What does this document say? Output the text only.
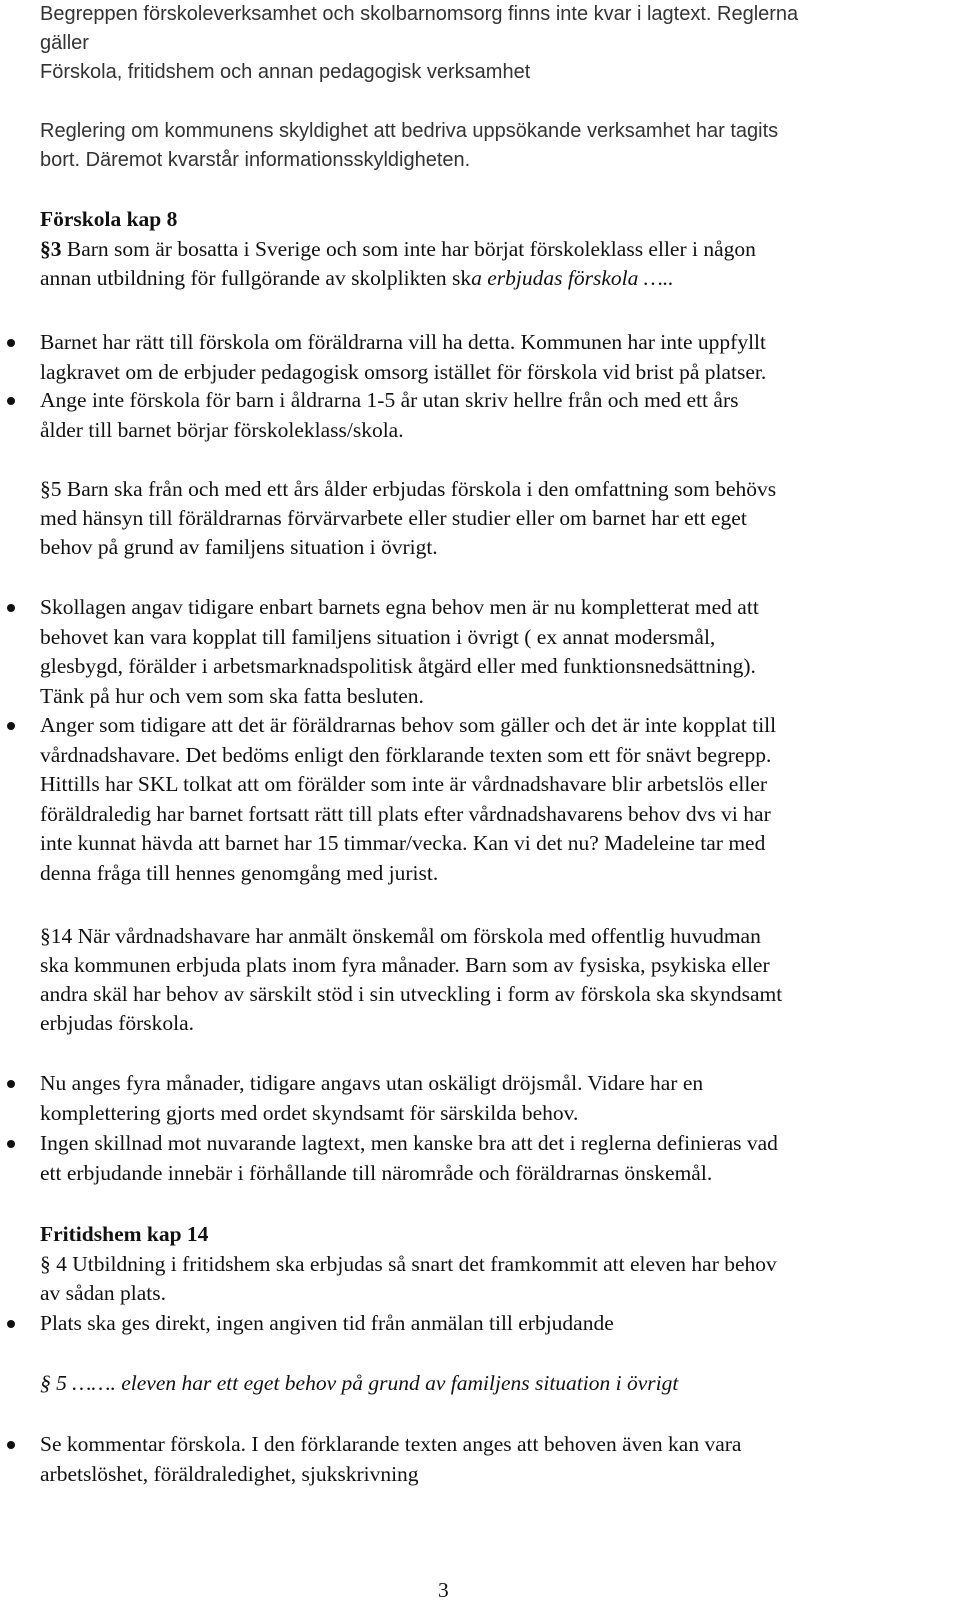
Begreppen förskoleverksamhet och skolbarnomsorg finns inte kvar i lagtext. Reglerna
gäller
Förskola, fritidshem och annan pedagogisk verksamhet
Reglering om kommunens skyldighet att bedriva uppsökande verksamhet har tagits
bort. Däremot kvarstår informationsskyldigheten.
Förskola kap 8
§3 Barn som är bosatta i Sverige och som inte har börjat förskoleklass eller i någon
annan utbildning för fullgörande av skolplikten ska erbjudas förskola …..
Barnet har rätt till förskola om föräldrarna vill ha detta. Kommunen har inte uppfyllt
lagkravet om de erbjuder pedagogisk omsorg istället för förskola vid brist på platser.
Ange inte förskola för barn i åldrarna 1-5 år utan skriv hellre från och med ett års
ålder till barnet börjar förskoleklass/skola.
§5 Barn ska från och med ett års ålder erbjudas förskola i den omfattning som behövs
med hänsyn till föräldrarnas förvärvarbete eller studier eller om barnet har ett eget
behov på grund av familjens situation i övrigt.
Skollagen angav tidigare enbart barnets egna behov men är nu kompletterat med att
behovet kan vara kopplat till familjens situation i övrigt ( ex annat modersmål,
glesbygd, förälder i arbetsmarknadspolitisk åtgärd eller med funktionsnedsättning).
Tänk på hur och vem som ska fatta besluten.
Anger som tidigare att det är föräldrarnas behov som gäller och det är inte kopplat till
vårdnadshavare. Det bedöms enligt den förklarande texten som ett för snävt begrepp.
Hittills har SKL tolkat att om förälder som inte är vårdnadshavare blir arbetslös eller
föräldraledig har barnet fortsatt rätt till plats efter vårdnadshavarens behov dvs vi har
inte kunnat hävda att barnet har 15 timmar/vecka. Kan vi det nu? Madeleine tar med
denna fråga till hennes genomgång med jurist.
§14 När vårdnadshavare har anmält önskemål om förskola med offentlig huvudman
ska kommunen erbjuda plats inom fyra månader. Barn som av fysiska, psykiska eller
andra skäl har behov av särskilt stöd i sin utveckling i form av förskola ska skyndsamt
erbjudas förskola.
Nu anges fyra månader, tidigare angavs utan oskäligt dröjsmål. Vidare har en
komplettering gjorts med ordet skyndsamt för särskilda behov.
Ingen skillnad mot nuvarande lagtext, men kanske bra att det i reglerna definieras vad
ett erbjudande innebär i förhållande till närområde och föräldrarnas önskemål.
Fritidshem kap 14
§ 4 Utbildning i fritidshem ska erbjudas så snart det framkommit att eleven har behov
av sådan plats.
Plats ska ges direkt, ingen angiven tid från anmälan till erbjudande
§ 5 ……. eleven har ett eget behov på grund av familjens situation i övrigt
Se kommentar förskola. I den förklarande texten anges att behoven även kan vara
arbetslöshet, föräldraledighet, sjukskrivning
3
